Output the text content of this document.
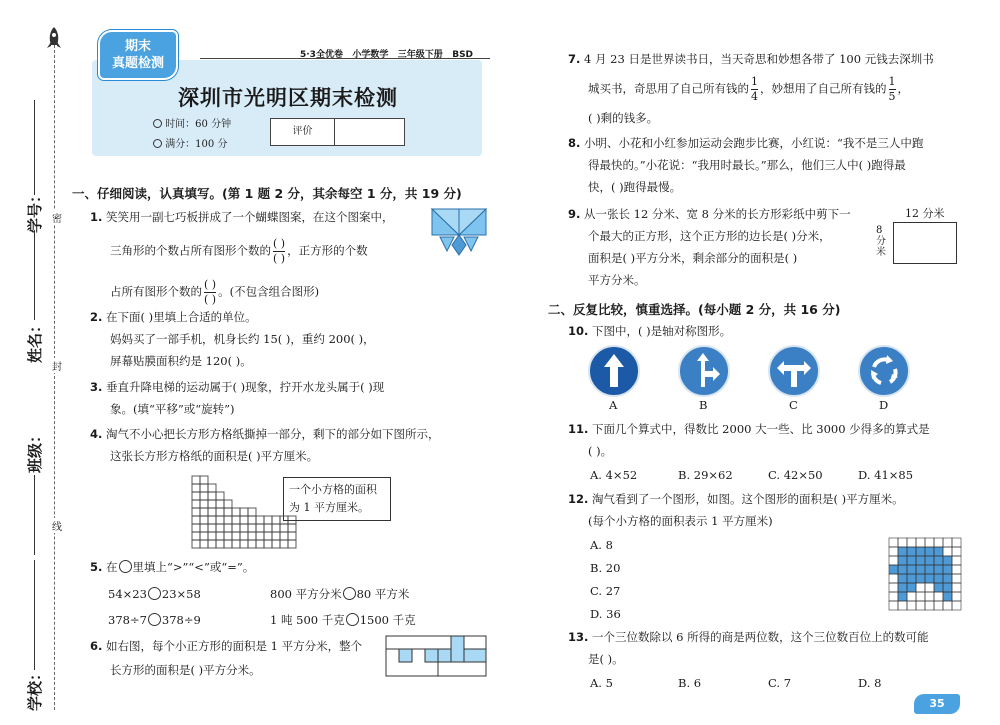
密
封
线
学校：
班级：
姓名：
学号：
5·3全优卷 小学数学 三年级下册 BSD
期末
真题检测
深圳市光明区期末检测
时间：60 分钟
满分：100 分
评价
一、仔细阅读，认真填写。(第 1 题 2 分，其余每空 1 分，共 19 分)
1. 笑笑用一副七巧板拼成了一个蝴蝶图案，在这个图案中，
三角形的个数占所有图形个数的 $\frac{( )}{( )}$ ，正方形的个数
占所有图形个数的 $\frac{( )}{( )}$ 。(不包含组合图形)
2. 在下面( )里填上合适的单位。
妈妈买了一部手机，机身长约 15( )，重约 200( )，
屏幕贴膜面积约是 120( )。
3. 垂直升降电梯的运动属于( )现象，拧开水龙头属于( )现
象。(填“平移”或“旋转”)
4. 淘气不小心把长方形方格纸撕掉一部分，剩下的部分如下图所示，
这张长方形方格纸的面积是( )平方厘米。
一个小方格的面积
为 1 平方厘米。
5. 在 里填上“>”“<”或“=”。
54×23 23×58	800 平方分米 80 平方米
378÷7 378÷9	1 吨 500 千克 1500 千克
6. 如右图，每个小正方形的面积是 1 平方分米，整个
长方形的面积是( )平方分米。
7. 4 月 23 日是世界读书日，当天奇思和妙想各带了 100 元钱去深圳书
城买书，奇思用了自己所有钱的 $\frac{1}{4}$ ，妙想用了自己所有钱的 $\frac{1}{5}$ ，
( )剩的钱多。
8. 小明、小花和小红参加运动会跑步比赛，小红说：“我不是三人中跑
得最快的。”小花说：“我用时最长。”那么，他们三人中( )跑得最
快，( )跑得最慢。
9. 从一张长 12 分米、宽 8 分米的长方形彩纸中剪下一
个最大的正方形，这个正方形的边长是( )分米，
面积是( )平方分米，剩余部分的面积是( )
平方分米。
12 分米
8 分米
二、反复比较，慎重选择。(每小题 2 分，共 16 分)
10. 下图中，( )是轴对称图形。
A	B	C	D
11. 下面几个算式中，得数比 2000 大一些、比 3000 少得多的算式是
( )。
A. 4×52	B. 29×62	C. 42×50	D. 41×85
12. 淘气看到了一个图形，如图。这个图形的面积是( )平方厘米。
(每个小方格的面积表示 1 平方厘米)
A. 8
B. 20
C. 27
D. 36
13. 一个三位数除以 6 所得的商是两位数，这个三位数百位上的数可能
是( )。
A. 5	B. 6	C. 7	D. 8
35
